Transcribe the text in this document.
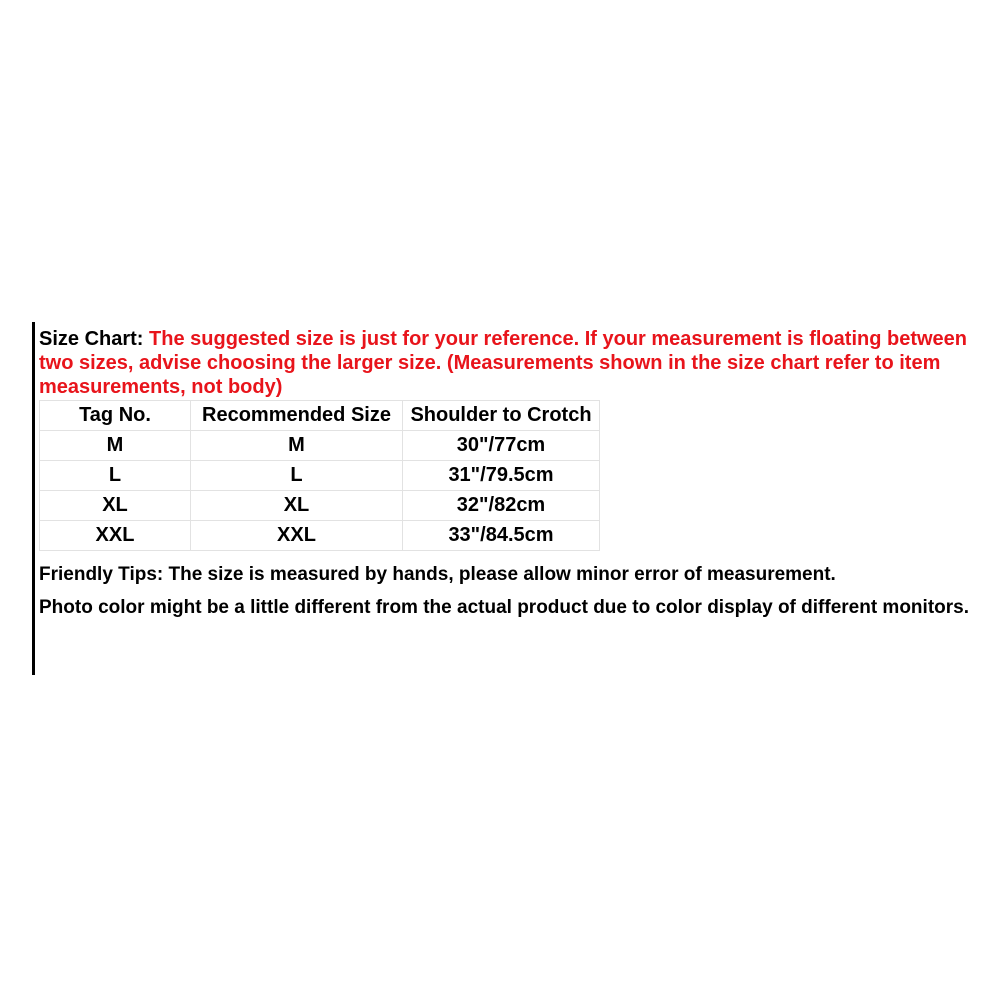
Size Chart: The suggested size is just for your reference. If your measurement is floating between two sizes, advise choosing the larger size. (Measurements shown in the size chart refer to item measurements, not body)

Tag No.	Recommended Size	Shoulder to Crotch
M	M	30"/77cm
L	L	31"/79.5cm
XL	XL	32"/82cm
XXL	XXL	33"/84.5cm

Friendly Tips: The size is measured by hands, please allow minor error of measurement.

Photo color might be a little different from the actual product due to color display of different monitors.
